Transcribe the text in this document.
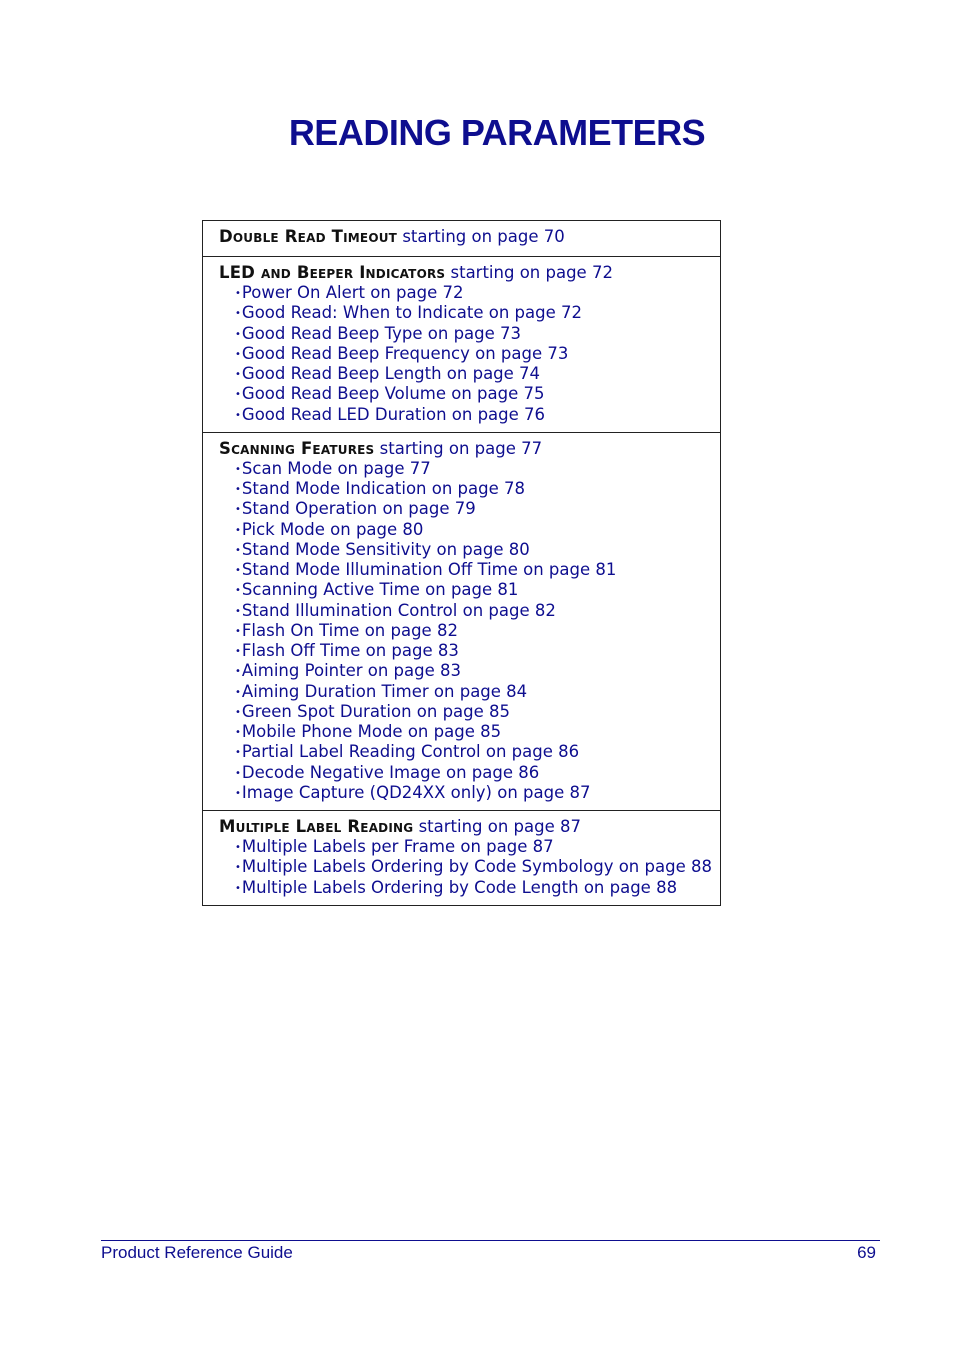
READING PARAMETERS
Double Read Timeout starting on page 70
LED and Beeper Indicators starting on page 72
• Power On Alert on page 72
• Good Read: When to Indicate on page 72
• Good Read Beep Type on page 73
• Good Read Beep Frequency on page 73
• Good Read Beep Length on page 74
• Good Read Beep Volume on page 75
• Good Read LED Duration on page 76
Scanning Features starting on page 77
• Scan Mode on page 77
• Stand Mode Indication on page 78
• Stand Operation on page 79
• Pick Mode on page 80
• Stand Mode Sensitivity on page 80
• Stand Mode Illumination Off Time on page 81
• Scanning Active Time on page 81
• Stand Illumination Control on page 82
• Flash On Time on page 82
• Flash Off Time on page 83
• Aiming Pointer on page 83
• Aiming Duration Timer on page 84
• Green Spot Duration on page 85
• Mobile Phone Mode on page 85
• Partial Label Reading Control on page 86
• Decode Negative Image on page 86
• Image Capture (QD24XX only) on page 87
Multiple Label Reading starting on page 87
• Multiple Labels per Frame on page 87
• Multiple Labels Ordering by Code Symbology on page 88
• Multiple Labels Ordering by Code Length on page 88
Product Reference Guide	69
